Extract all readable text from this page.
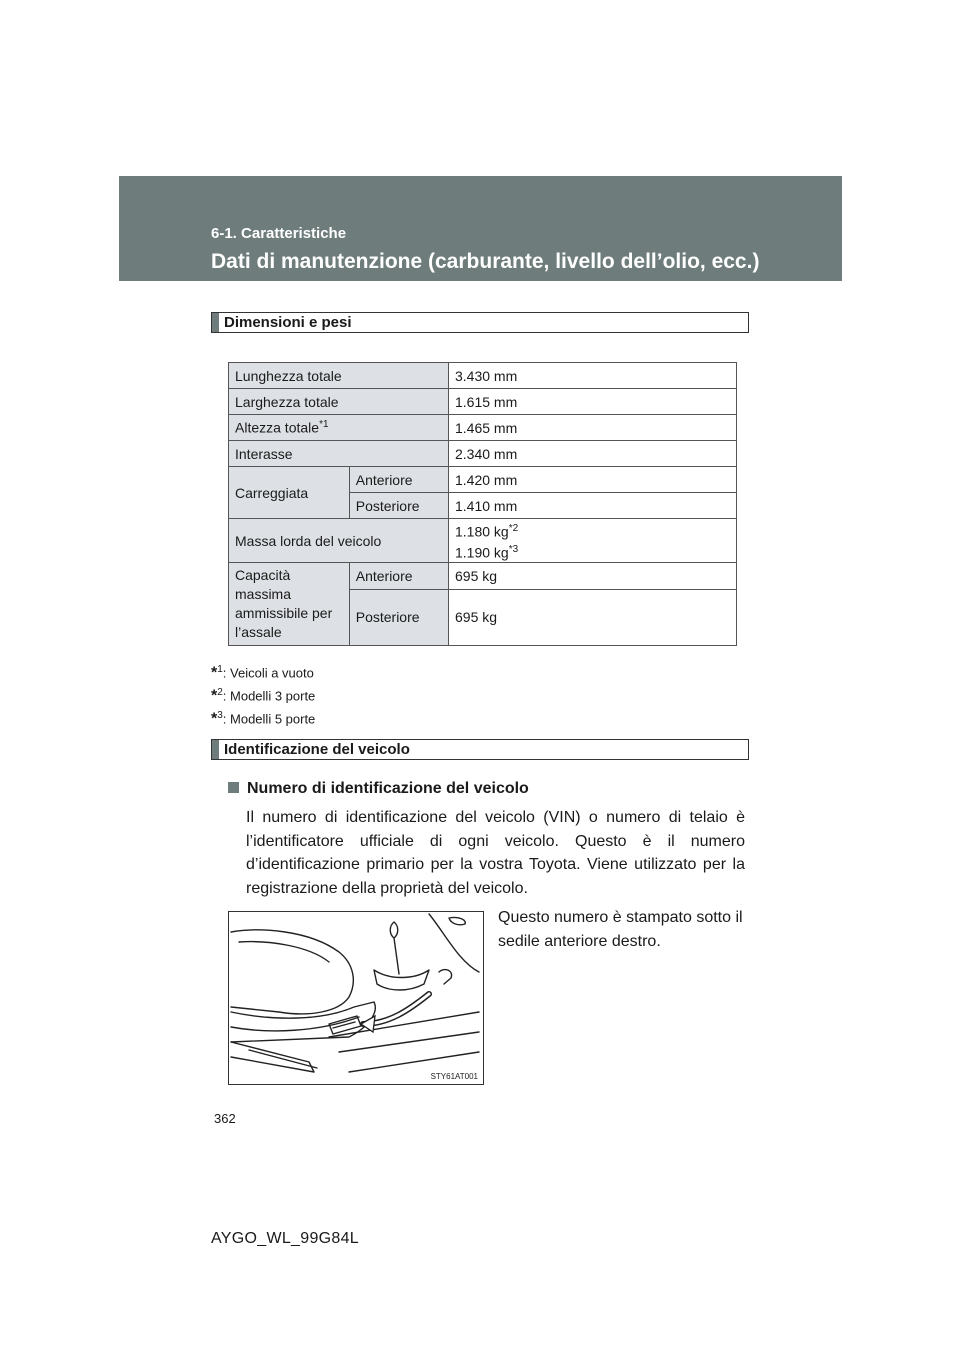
6-1. Caratteristiche
Dati di manutenzione (carburante, livello dell’olio, ecc.)
Dimensioni e pesi
Lunghezza totale		3.430 mm
Larghezza totale		1.615 mm
Altezza totale$^{*1}$		1.465 mm
Interasse		2.340 mm
Carreggiata	Anteriore	1.420 mm
	Posteriore	1.410 mm
Massa lorda del veicolo		1.180 $kg^{*2}$
1.190 $kg^{*3}$
Capacità massima ammissibile per l’assale	Anteriore	695 kg
	Posteriore	695 kg
*$^1$: Veicoli a vuoto
*$^2$: Modelli 3 porte
*$^3$: Modelli 5 porte
Identificazione del veicolo
Numero di identificazione del veicolo
Il numero di identificazione del veicolo (VIN) o numero di telaio è l’identificatore ufficiale di ogni veicolo. Questo è il numero d’identificazione primario per la vostra Toyota. Viene utilizzato per la registrazione della proprietà del veicolo.
Questo numero è stampato sotto il sedile anteriore destro.
STY61AT001
362
AYGO_WL_99G84L
